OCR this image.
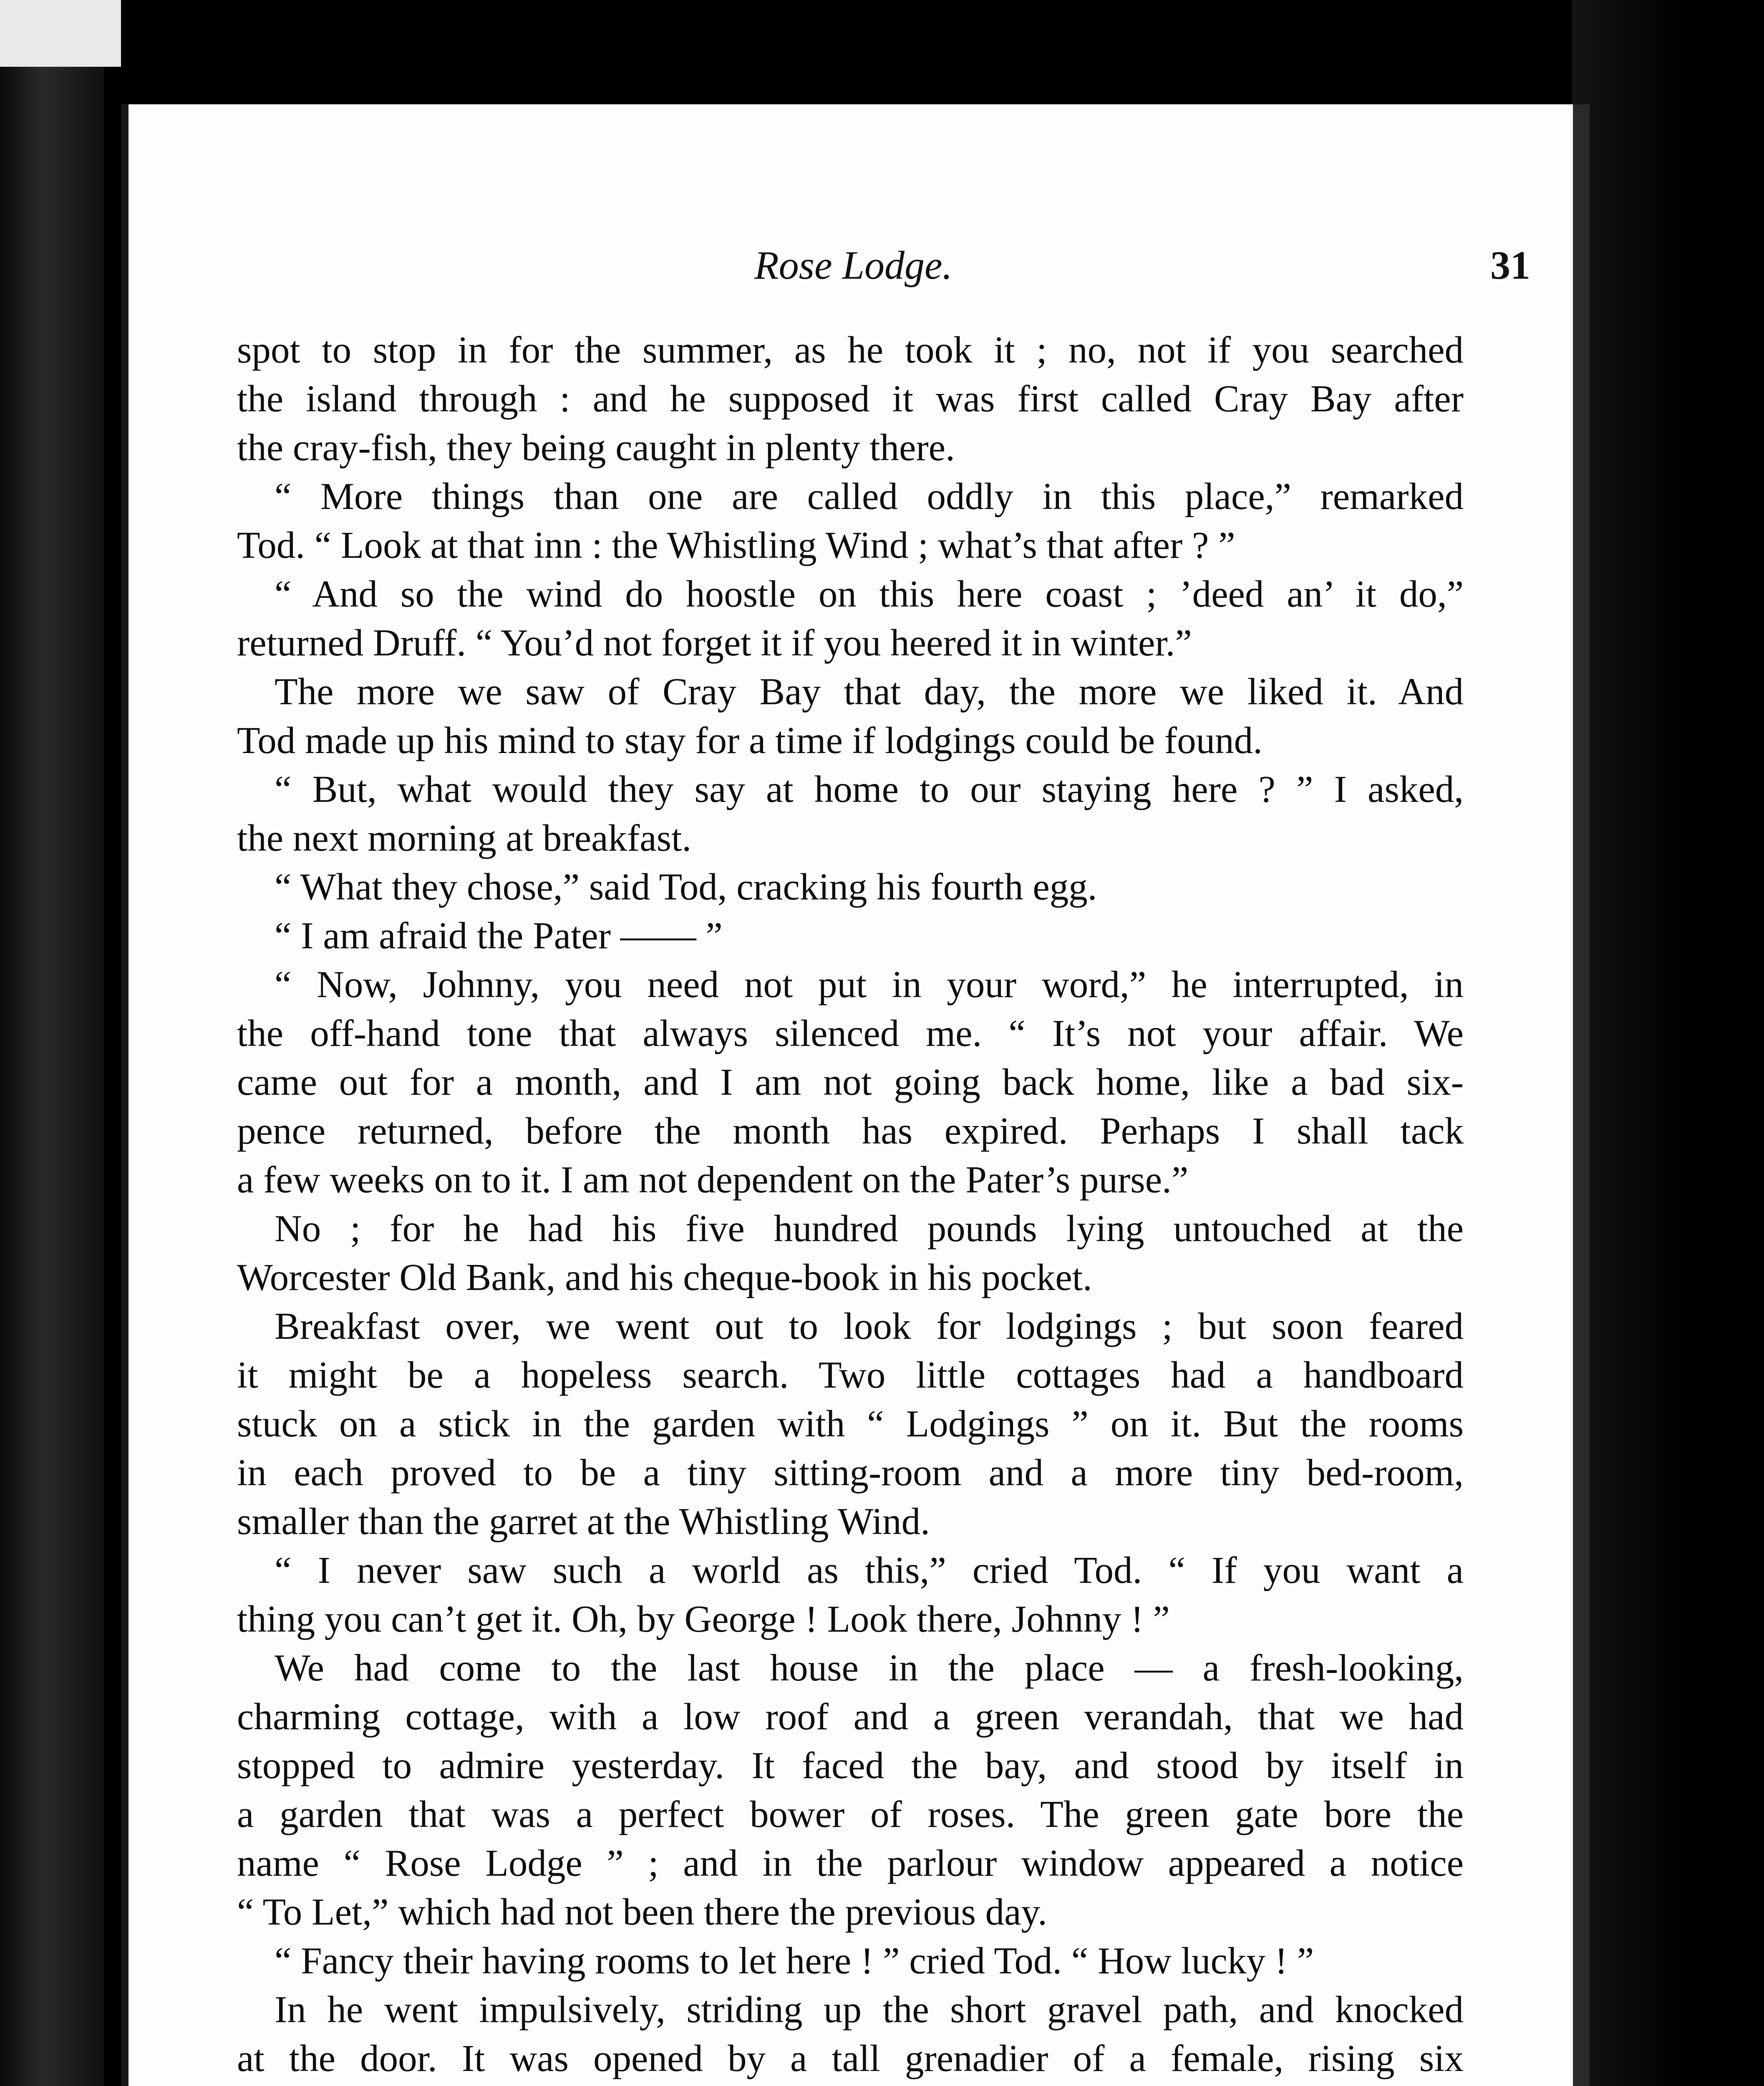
Rose Lodge.	31

spot to stop in for the summer, as he took it ; no, not if you searched
the island through : and he supposed it was first called Cray Bay after
the cray-fish, they being caught in plenty there.

“ More things than one are called oddly in this place,” remarked
Tod. “ Look at that inn : the Whistling Wind ; what’s that after ? ”

“ And so the wind do hoostle on this here coast ; ’deed an’ it do,”
returned Druff. “ You’d not forget it if you heered it in winter.”

The more we saw of Cray Bay that day, the more we liked it. And
Tod made up his mind to stay for a time if lodgings could be found.

“ But, what would they say at home to our staying here ? ” I asked,
the next morning at breakfast.

“ What they chose,” said Tod, cracking his fourth egg.

“ I am afraid the Pater —— ”

“ Now, Johnny, you need not put in your word,” he interrupted, in
the off-hand tone that always silenced me. “ It’s not your affair. We
came out for a month, and I am not going back home, like a bad six-
pence returned, before the month has expired. Perhaps I shall tack
a few weeks on to it. I am not dependent on the Pater’s purse.”

No ; for he had his five hundred pounds lying untouched at the
Worcester Old Bank, and his cheque-book in his pocket.

Breakfast over, we went out to look for lodgings ; but soon feared
it might be a hopeless search. Two little cottages had a handboard
stuck on a stick in the garden with “ Lodgings ” on it. But the rooms
in each proved to be a tiny sitting-room and a more tiny bed-room,
smaller than the garret at the Whistling Wind.

“ I never saw such a world as this,” cried Tod. “ If you want a
thing you can’t get it. Oh, by George ! Look there, Johnny ! ”

We had come to the last house in the place — a fresh-looking,
charming cottage, with a low roof and a green verandah, that we had
stopped to admire yesterday. It faced the bay, and stood by itself in
a garden that was a perfect bower of roses. The green gate bore the
name “ Rose Lodge ” ; and in the parlour window appeared a notice
“ To Let,” which had not been there the previous day.

“ Fancy their having rooms to let here ! ” cried Tod. “ How lucky ! ”

In he went impulsively, striding up the short gravel path, and knocked
at the door. It was opened by a tall grenadier of a female, rising six
